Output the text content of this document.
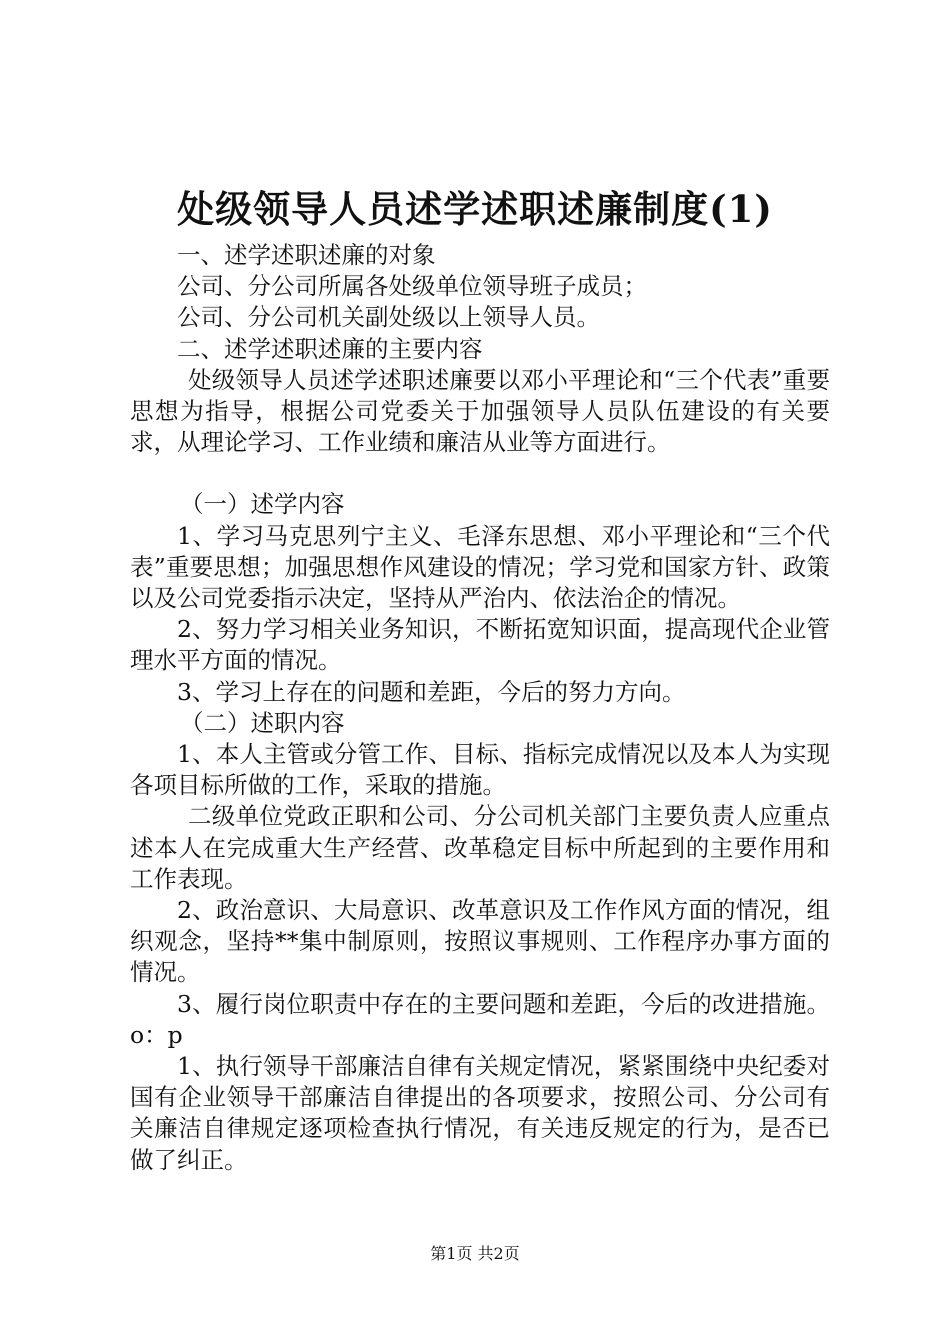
处级领导人员述学述职述廉制度(1)

一、述学述职述廉的对象

公司、分公司所属各处级单位领导班子成员；

公司、分公司机关副处级以上领导人员。

二、述学述职述廉的主要内容

处级领导人员述学述职述廉要以邓小平理论和“三个代表”重要思想为指导，根据公司党委关于加强领导人员队伍建设的有关要求，从理论学习、工作业绩和廉洁从业等方面进行。

（一）述学内容

1、学习马克思列宁主义、毛泽东思想、邓小平理论和“三个代表”重要思想；加强思想作风建设的情况；学习党和国家方针、政策以及公司党委指示决定，坚持从严治内、依法治企的情况。

2、努力学习相关业务知识，不断拓宽知识面，提高现代企业管理水平方面的情况。

3、学习上存在的问题和差距，今后的努力方向。

（二）述职内容

1、本人主管或分管工作、目标、指标完成情况以及本人为实现各项目标所做的工作，采取的措施。

二级单位党政正职和公司、分公司机关部门主要负责人应重点述本人在完成重大生产经营、改革稳定目标中所起到的主要作用和工作表现。

2、政治意识、大局意识、改革意识及工作作风方面的情况，组织观念，坚持**集中制原则，按照议事规则、工作程序办事方面的情况。

3、履行岗位职责中存在的主要问题和差距，今后的改进措施。o：p

1、执行领导干部廉洁自律有关规定情况，紧紧围绕中央纪委对国有企业领导干部廉洁自律提出的各项要求，按照公司、分公司有关廉洁自律规定逐项检查执行情况，有关违反规定的行为，是否已做了纠正。

第1页 共2页
